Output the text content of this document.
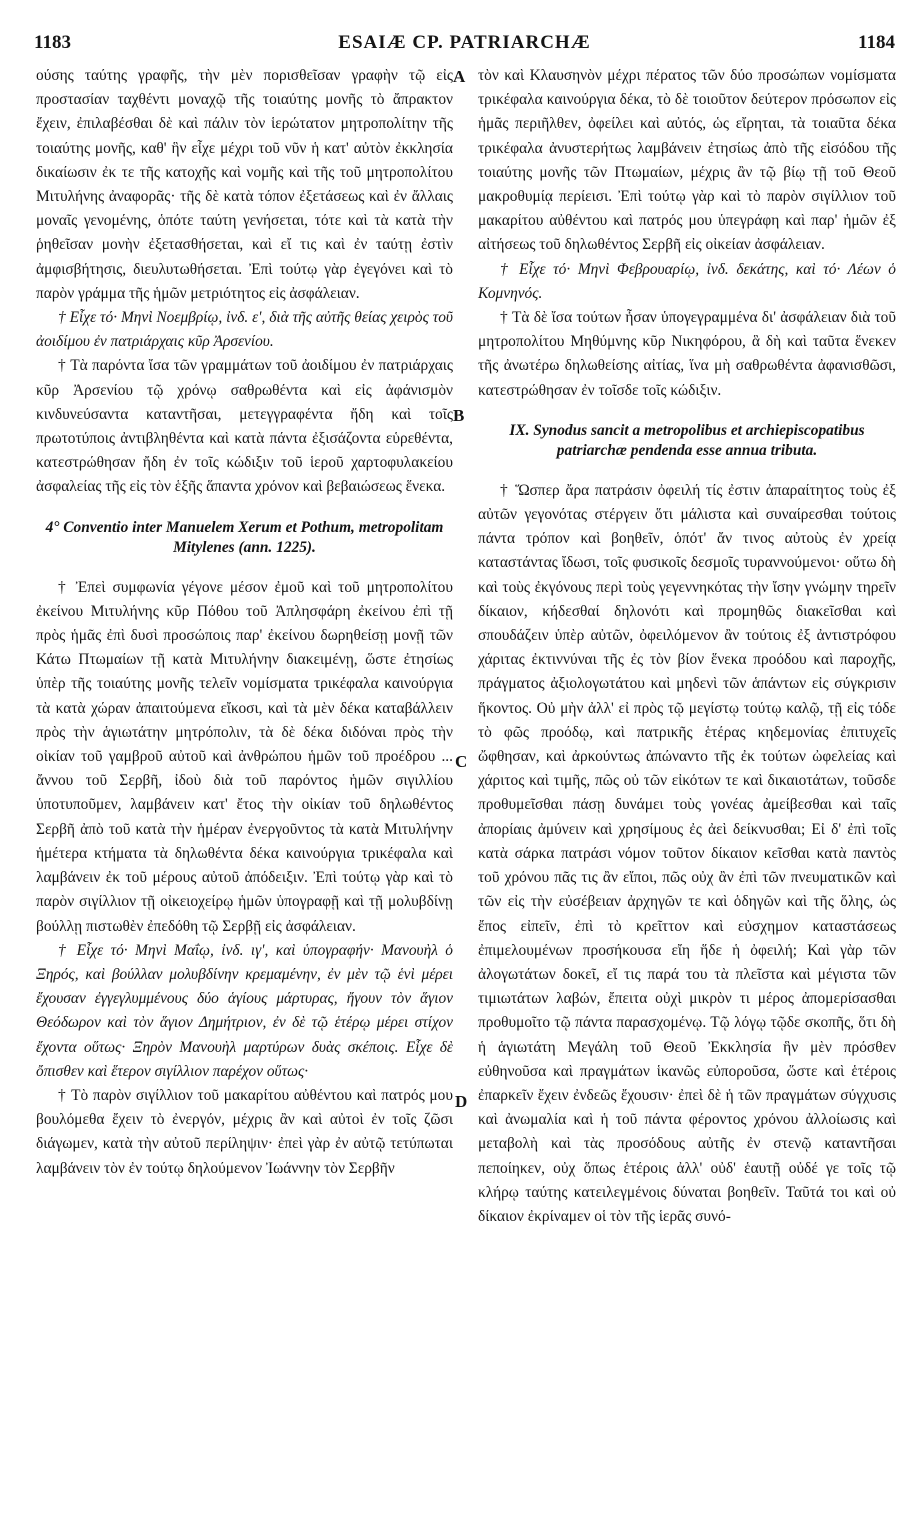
1183	ESAIÆ CP. PATRIARCHÆ	1184
A
B
C
D

ούσης ταύτης γραφῆς, τὴν μὲν πορισθεῖσαν γραφὴν τῷ εἰς προστασίαν ταχθέντι μοναχῷ τῆς τοιαύτης μονῆς τὸ ἄπρακτον ἔχειν, ἐπιλαβέσθαι δὲ καὶ πάλιν τὸν ἱερώτατον μητροπολίτην τῆς τοιαύτης μονῆς, καθ' ἣν εἶχε μέχρι τοῦ νῦν ἡ κατ' αὐτὸν ἐκκλησία δικαίωσιν ἐκ τε τῆς κατοχῆς καὶ νομῆς καὶ τῆς τοῦ μητροπολίτου Μιτυλήνης ἀναφορᾶς· τῆς δὲ κατὰ τόπον ἐξετάσεως καὶ ἐν ἄλλαις μοναῖς γενομένης, ὁπότε ταύτη γενήσεται, τότε καὶ τὰ κατὰ τὴν ῥηθεῖσαν μονὴν ἐξετασθήσεται, καὶ εἴ τις καὶ ἐν ταύτῃ ἐστὶν ἀμφισβήτησις, διευλυτωθήσεται. Ἐπὶ τούτῳ γὰρ ἐγεγόνει καὶ τὸ παρὸν γράμμα τῆς ἡμῶν μετριότητος εἰς ἀσφάλειαν.

† Εἶχε τό· Μηνὶ Νοεμβρίῳ, ἰνδ. ε', διὰ τῆς αὐτῆς θείας χειρὸς τοῦ ἀοιδίμου ἐν πατριάρχαις κῦρ Ἀρσενίου.

† Τὰ παρόντα ἴσα τῶν γραμμάτων τοῦ ἀοιδίμου ἐν πατριάρχαις κῦρ Ἀρσενίου τῷ χρόνῳ σαθρωθέντα καὶ εἰς ἀφάνισμὸν κινδυνεύσαντα καταντῆσαι, μετεγγραφέντα ἤδη καὶ τοῖς πρωτοτύποις ἀντιβληθέντα καὶ κατὰ πάντα ἐξισάζοντα εὑρεθέντα, κατεστρώθησαν ἤδη ἐν τοῖς κώδιξιν τοῦ ἱεροῦ χαρτοφυλακείου ἀσφαλείας τῆς εἰς τὸν ἑξῆς ἅπαντα χρόνον καὶ βεβαιώσεως ἕνεκα.

4° Conventio inter Manuelem Xerum et Pothum, metropolitam Mitylenes (ann. 1225).

† Ἐπεὶ συμφωνία γέγονε μέσον ἐμοῦ καὶ τοῦ μητροπολίτου ἐκείνου Μιτυλήνης κῦρ Πόθου τοῦ Ἀπλησφάρη ἐκείνου ἐπὶ τῇ πρὸς ἡμᾶς ἐπὶ δυσὶ προσώποις παρ' ἐκείνου δωρηθείσῃ μονῇ τῶν Κάτω Πτωμαίων τῇ κατὰ Μιτυλήνην διακειμένῃ, ὥστε ἐτησίως ὑπὲρ τῆς τοιαύτης μονῆς τελεῖν νομίσματα τρικέφαλα καινούργια τὰ κατὰ χώραν ἀπαιτούμενα εἴκοσι, καὶ τὰ μὲν δέκα καταβάλλειν πρὸς τὴν ἁγιωτάτην μητρόπολιν, τὰ δὲ δέκα διδόναι πρὸς τὴν οἰκίαν τοῦ γαμβροῦ αὐτοῦ καὶ ἀνθρώπου ἡμῶν τοῦ προέδρου ... ἄννου τοῦ Σερβῆ, ἰδοὺ διὰ τοῦ παρόντος ἡμῶν σιγιλλίου ὑποτυποῦμεν, λαμβάνειν κατ' ἔτος τὴν οἰκίαν τοῦ δηλωθέντος Σερβῆ ἀπὸ τοῦ κατὰ τὴν ἡμέραν ἐνεργοῦντος τὰ κατὰ Μιτυλήνην ἡμέτερα κτήματα τὰ δηλωθέντα δέκα καινούργια τρικέφαλα καὶ λαμβάνειν ἐκ τοῦ μέρους αὐτοῦ ἀπόδειξιν. Ἐπὶ τούτῳ γὰρ καὶ τὸ παρὸν σιγίλλιον τῇ οἰκειοχείρῳ ἡμῶν ὑπογραφῇ καὶ τῇ μολυβδίνῃ βούλλῃ πιστωθὲν ἐπεδόθη τῷ Σερβῇ εἰς ἀσφάλειαν.

† Εἶχε τό· Μηνὶ Μαΐῳ, ἰνδ. ιγ', καὶ ὑπογραφήν· Μανουὴλ ὁ Ξηρός, καὶ βούλλαν μολυβδίνην κρεμαμένην, ἐν μὲν τῷ ἑνὶ μέρει ἔχουσαν ἐγγεγλυμμένους δύο ἁγίους μάρτυρας, ἤγουν τὸν ἅγιον Θεόδωρον καὶ τὸν ἅγιον Δημήτριον, ἐν δὲ τῷ ἑτέρῳ μέρει στίχον ἔχοντα οὕτως· Ξηρὸν Μανουὴλ μαρτύρων δυὰς σκέποις. Εἶχε δὲ ὄπισθεν καὶ ἕτερον σιγίλλιον παρέχον οὕτως·

† Τὸ παρὸν σιγίλλιον τοῦ μακαρίτου αὐθέντου καὶ πατρός μου βουλόμεθα ἔχειν τὸ ἐνεργόν, μέχρις ἂν καὶ αὐτοὶ ἐν τοῖς ζῶσι διάγωμεν, κατὰ τὴν αὐτοῦ περίληψιν· ἐπεὶ γὰρ ἐν αὐτῷ τετύπωται λαμβάνειν τὸν ἐν τούτῳ δηλούμενον Ἰωάννην τὸν Σερβῆν

τὸν καὶ Κλαυσηνὸν μέχρι πέρατος τῶν δύο προσώπων νομίσματα τρικέφαλα καινούργια δέκα, τὸ δὲ τοιοῦτον δεύτερον πρόσωπον εἰς ἡμᾶς περιῆλθεν, ὀφείλει καὶ αὐτός, ὡς εἴρηται, τὰ τοιαῦτα δέκα τρικέφαλα ἀνυστερήτως λαμβάνειν ἐτησίως ἀπὸ τῆς εἰσόδου τῆς τοιαύτης μονῆς τῶν Πτωμαίων, μέχρις ἂν τῷ βίῳ τῇ τοῦ Θεοῦ μακροθυμίᾳ περίεισι. Ἐπὶ τούτῳ γὰρ καὶ τὸ παρὸν σιγίλλιον τοῦ μακαρίτου αὐθέντου καὶ πατρός μου ὑπεγράφη καὶ παρ' ἡμῶν ἐξ αἰτήσεως τοῦ δηλωθέντος Σερβῆ εἰς οἰκείαν ἀσφάλειαν.

† Εἶχε τό· Μηνὶ Φεβρουαρίῳ, ἰνδ. δεκάτης, καὶ τό· Λέων ὁ Κομνηνός.

† Τὰ δὲ ἴσα τούτων ἦσαν ὑπογεγραμμένα δι' ἀσφάλειαν διὰ τοῦ μητροπολίτου Μηθύμνης κῦρ Νικηφόρου, ἃ δὴ καὶ ταῦτα ἕνεκεν τῆς ἀνωτέρω δηλωθείσης αἰτίας, ἵνα μὴ σαθρωθέντα ἀφανισθῶσι, κατεστρώθησαν ἐν τοῖσδε τοῖς κώδιξιν.

IX. Synodus sancit a metropolibus et archiepiscopatibus patriarchæ pendenda esse annua tributa.

† Ὥσπερ ἄρα πατράσιν ὀφειλή τίς ἐστιν ἀπαραίτητος τοὺς ἐξ αὐτῶν γεγονότας στέργειν ὅτι μάλιστα καὶ συναίρεσθαι τούτοις πάντα τρόπον καὶ βοηθεῖν, ὁπότ' ἄν τινος αὐτοὺς ἐν χρείᾳ καταστάντας ἴδωσι, τοῖς φυσικοῖς δεσμοῖς τυραννούμενοι· οὕτω δὴ καὶ τοὺς ἐκγόνους περὶ τοὺς γεγεννηκότας τὴν ἴσην γνώμην τηρεῖν δίκαιον, κήδεσθαί δηλονότι καὶ προμηθῶς διακεῖσθαι καὶ σπουδάζειν ὑπὲρ αὐτῶν, ὀφειλόμενον ἂν τούτοις ἐξ ἀντιστρόφου χάριτας ἐκτιννύναι τῆς ἐς τὸν βίον ἕνεκα προόδου καὶ παροχῆς, πράγματος ἀξιολογωτάτου καὶ μηδενὶ τῶν ἁπάντων εἰς σύγκρισιν ἥκοντος. Οὐ μὴν ἀλλ' εἰ πρὸς τῷ μεγίστῳ τούτῳ καλῷ, τῇ εἰς τόδε τὸ φῶς προόδῳ, καὶ πατρικῆς ἑτέρας κηδεμονίας ἐπιτυχεῖς ὤφθησαν, καὶ ἀρκούντως ἀπώναντο τῆς ἐκ τούτων ὠφελείας καὶ χάριτος καὶ τιμῆς, πῶς οὐ τῶν εἰκότων τε καὶ δικαιοτάτων, τοῦσδε προθυμεῖσθαι πάσῃ δυνάμει τοὺς γονέας ἀμείβεσθαι καὶ ταῖς ἀπορίαις ἀμύνειν καὶ χρησίμους ἐς ἀεὶ δείκνυσθαι; Εἰ δ' ἐπὶ τοῖς κατὰ σάρκα πατράσι νόμον τοῦτον δίκαιον κεῖσθαι κατὰ παντὸς τοῦ χρόνου πᾶς τις ἂν εἴποι, πῶς οὐχ ἂν ἐπὶ τῶν πνευματικῶν καὶ τῶν εἰς τὴν εὐσέβειαν ἀρχηγῶν τε καὶ ὁδηγῶν καὶ τῆς ὅλης, ὡς ἔπος εἰπεῖν, ἐπὶ τὸ κρεῖττον καὶ εὐσχημον καταστάσεως ἐπιμελουμένων προσήκουσα εἴη ἥδε ἡ ὀφειλή; Καὶ γὰρ τῶν ἀλογωτάτων δοκεῖ, εἴ τις παρά του τὰ πλεῖστα καὶ μέγιστα τῶν τιμιωτάτων λαβών, ἔπειτα οὐχὶ μικρὸν τι μέρος ἀπομερίσασθαι προθυμοῖτο τῷ πάντα παρασχομένῳ. Τῷ λόγῳ τῷδε σκοπῆς, ὅτι δὴ ἡ ἁγιωτάτη Μεγάλη τοῦ Θεοῦ Ἐκκλησία ἣν μὲν πρόσθεν εὐθηνοῦσα καὶ πραγμάτων ἱκανῶς εὐποροῦσα, ὥστε καὶ ἑτέροις ἐπαρκεῖν ἔχειν ἐνδεῶς ἔχουσιν· ἐπεὶ δὲ ἡ τῶν πραγμάτων σύγχυσις καὶ ἀνωμαλία καὶ ἡ τοῦ πάντα φέροντος χρόνου ἀλλοίωσις καὶ μεταβολὴ καὶ τὰς προσόδους αὐτῆς ἐν στενῷ καταντῆσαι πεποίηκεν, οὐχ ὅπως ἑτέροις ἀλλ' οὐδ' ἑαυτῇ οὐδέ γε τοῖς τῷ κλήρῳ ταύτης κατειλεγμένοις δύναται βοηθεῖν. Ταῦτά τοι καὶ οὐ δίκαιον ἐκρίναμεν οἱ τὸν τῆς ἱερᾶς συνό-
